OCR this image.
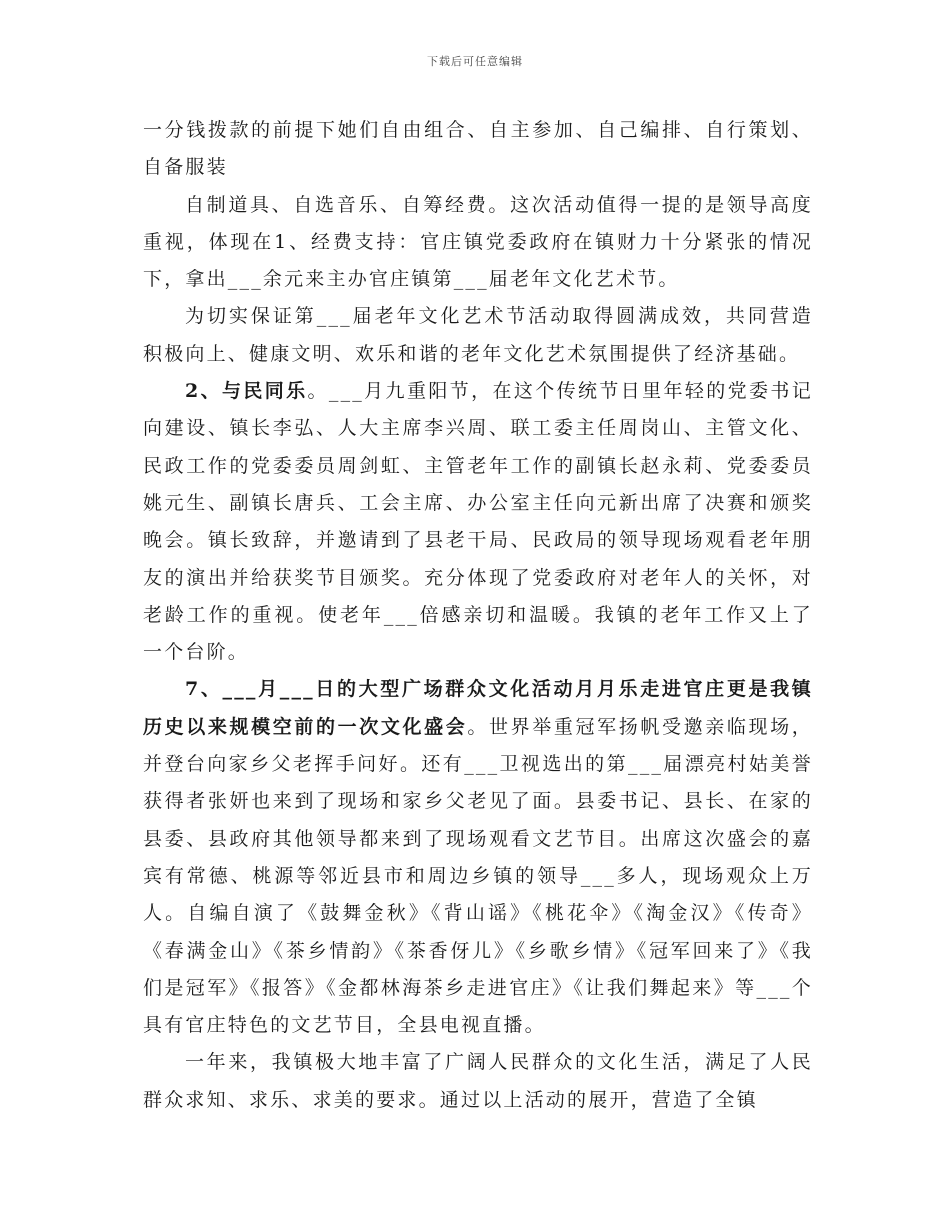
下载后可任意编辑

一分钱拨款的前提下她们自由组合、自主参加、自己编排、自行策划、自备服装

自制道具、自选音乐、自筹经费。这次活动值得一提的是领导高度重视，体现在1、经费支持：官庄镇党委政府在镇财力十分紧张的情况下，拿出___余元来主办官庄镇第___届老年文化艺术节。

为切实保证第___届老年文化艺术节活动取得圆满成效，共同营造积极向上、健康文明、欢乐和谐的老年文化艺术氛围提供了经济基础。

2、与民同乐。___月九重阳节，在这个传统节日里年轻的党委书记向建设、镇长李弘、人大主席李兴周、联工委主任周岗山、主管文化、民政工作的党委委员周剑虹、主管老年工作的副镇长赵永莉、党委委员姚元生、副镇长唐兵、工会主席、办公室主任向元新出席了决赛和颁奖晚会。镇长致辞，并邀请到了县老干局、民政局的领导现场观看老年朋友的演出并给获奖节目颁奖。充分体现了党委政府对老年人的关怀，对老龄工作的重视。使老年___倍感亲切和温暖。我镇的老年工作又上了一个台阶。

7、___月___日的大型广场群众文化活动月月乐走进官庄更是我镇历史以来规模空前的一次文化盛会。世界举重冠军扬帆受邀亲临现场，并登台向家乡父老挥手问好。还有___卫视选出的第___届漂亮村姑美誉获得者张妍也来到了现场和家乡父老见了面。县委书记、县长、在家的县委、县政府其他领导都来到了现场观看文艺节目。出席这次盛会的嘉宾有常德、桃源等邻近县市和周边乡镇的领导___多人，现场观众上万人。自编自演了《鼓舞金秋》《背山谣》《桃花伞》《淘金汉》《传奇》《春满金山》《茶乡情韵》《茶香伢儿》《乡歌乡情》《冠军回来了》《我们是冠军》《报答》《金都林海茶乡走进官庄》《让我们舞起来》等___个具有官庄特色的文艺节目，全县电视直播。

一年来，我镇极大地丰富了广阔人民群众的文化生活，满足了人民群众求知、求乐、求美的要求。通过以上活动的展开，营造了全镇
